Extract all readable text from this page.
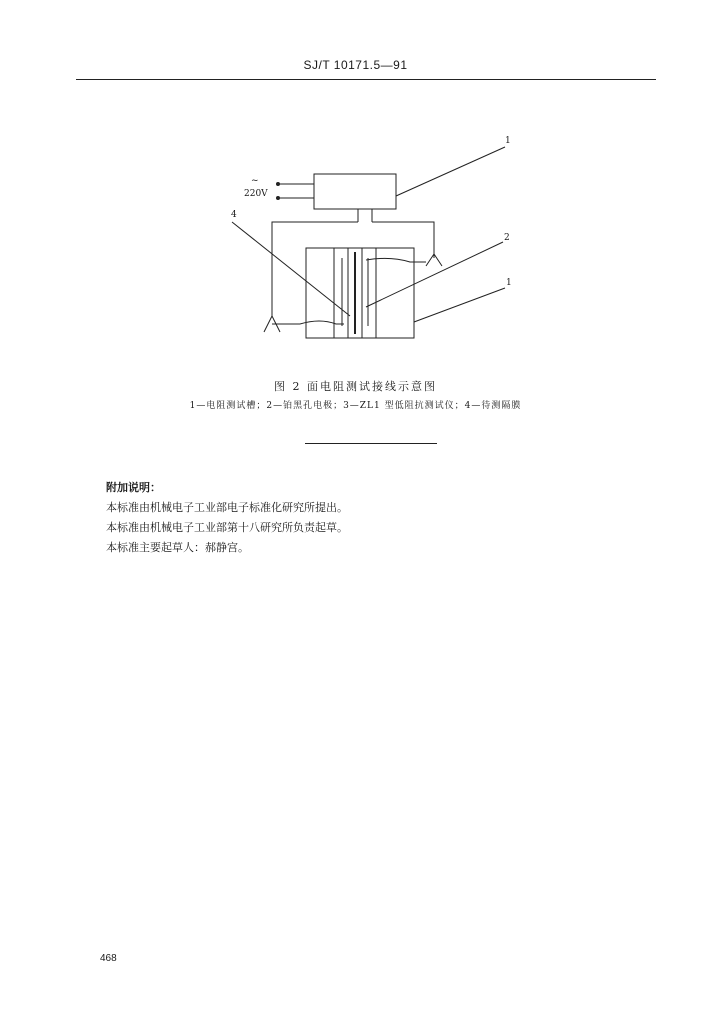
SJ/T 10171.5—91
~
220V
1
2
1
4
图 2 面电阻测试接线示意图
1—电阻测试槽；2—铂黑孔电极；3—ZL1 型低阻抗测试仪；4—待测隔膜
附加说明：
本标准由机械电子工业部电子标准化研究所提出。
本标准由机械电子工业部第十八研究所负责起草。
本标准主要起草人：郝静宫。
468
